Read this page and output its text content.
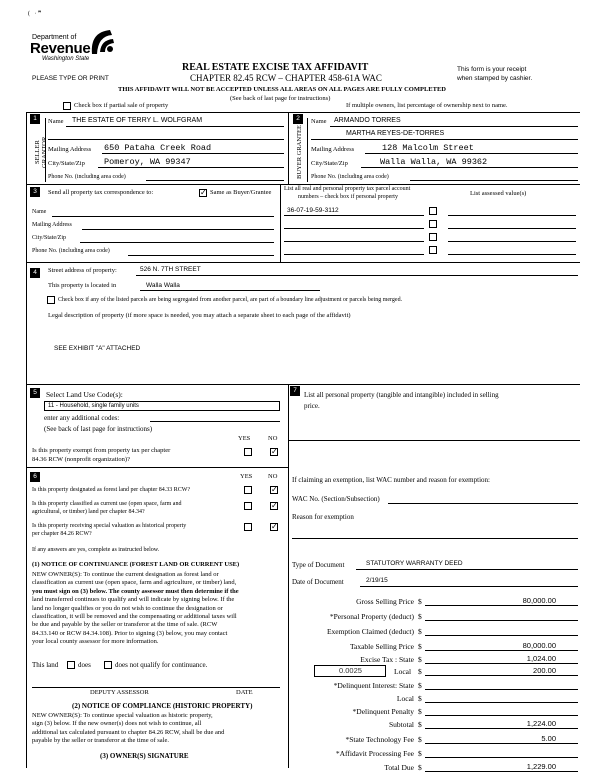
(   · ❞
Department of
Revenue
Washington State
REAL ESTATE EXCISE TAX AFFIDAVIT
CHAPTER 82.45 RCW – CHAPTER 458-61A WAC
PLEASE TYPE OR PRINT
This form is your receipt
when stamped by cashier.
THIS AFFIDAVIT WILL NOT BE ACCEPTED UNLESS ALL AREAS ON ALL PAGES ARE FULLY COMPLETED
(See back of last page for instructions)
Check box if partial sale of property	If multiple owners, list percentage of ownership next to name.
1
SELLER GRANTOR
Name THE ESTATE OF TERRY L. WOLFGRAM
Mailing Address 650 Pataha Creek Road
City/State/Zip Pomeroy, WA 99347
Phone No. (including area code)
2
BUYER GRANTEE
Name ARMANDO TORRES
MARTHA REYES-DE-TORRES
Mailing Address	128 Malcolm Street
City/State/Zip	Walla Walla, WA 99362
Phone No. (including area code)
3	Send all property tax correspondence to:	✓ Same as Buyer/Grantee
Name
Mailing Address
City/State/Zip
Phone No. (including area code)
List all real and personal property tax parcel account
numbers – check box if personal property	List assessed value(s)
36-07-19-59-3112
4	Street address of property:	526 N. 7TH STREET
This property is located in	Walla Walla
Check box if any of the listed parcels are being segregated from another parcel, are part of a boundary line adjustment or parcels being merged.
Legal description of property (if more space is needed, you may attach a separate sheet to each page of the affidavit)
SEE EXHIBIT "A" ATTACHED
5	Select Land Use Code(s):
11 - Household, single family units
enter any additional codes:
(See back of last page for instructions)
YES	NO
Is this property exempt from property tax per chapter
84.36 RCW (nonprofit organization)?
✓
6	YES NO
Is this property designated as forest land per chapter 84.33 RCW?	✓
Is this property classified as current use (open space, farm and
agricultural, or timber) land per chapter 84.34?
✓
Is this property receiving special valuation as historical property
per chapter 84.26 RCW?
✓
If any answers are yes, complete as instructed below.
(1) NOTICE OF CONTINUANCE (FOREST LAND OR CURRENT USE)
NEW OWNER(S): To continue the current designation as forest land or
classification as current use (open space, farm and agriculture, or timber) land,
you must sign on (3) below. The county assessor must then determine if the
land transferred continues to qualify and will indicate by signing below. If the
land no longer qualifies or you do not wish to continue the designation or
classification, it will be removed and the compensating or additional taxes will
be due and payable by the seller or transferor at the time of sale. (RCW
84.33.140 or RCW 84.34.108). Prior to signing (3) below, you may contact
your local county assessor for more information.
This land	does	does not qualify for continuance.
DEPUTY ASSESSOR	DATE
(2) NOTICE OF COMPLIANCE (HISTORIC PROPERTY)
NEW OWNER(S): To continue special valuation as historic property,
sign (3) below. If the new owner(s) does not wish to continue, all
additional tax calculated pursuant to chapter 84.26 RCW, shall be due and
payable by the seller or transferor at the time of sale.
(3) OWNER(S) SIGNATURE
7
List all personal property (tangible and intangible) included in selling
price.
If claiming an exemption, list WAC number and reason for exemption:
WAC No. (Section/Subsection)
Reason for exemption
Type of Document	STATUTORY WARRANTY DEED
Date of Document	2/19/15
Gross Selling Price $	80,000.00
*Personal Property (deduct) $
Exemption Claimed (deduct) $
Taxable Selling Price $	80,000.00
Excise Tax : State $	1,024.00
0.0025	Local $	200.00
*Delinquent Interest: State $
Local $
*Delinquent Penalty $
Subtotal $	1,224.00
*State Technology Fee $	5.00
*Affidavit Processing Fee $
Total Due $	1,229.00
